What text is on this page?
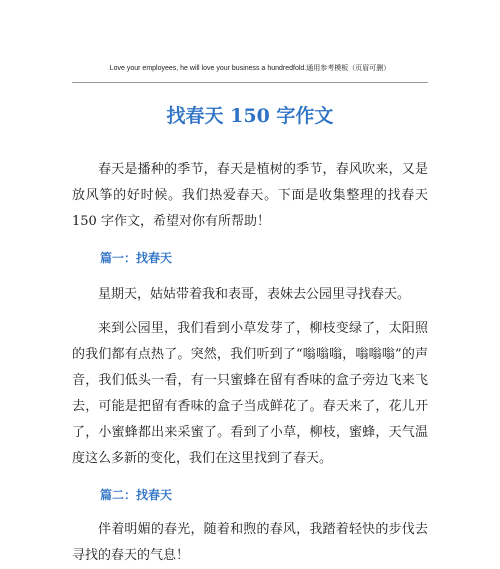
Love your employees, he will love your business a hundredfold.通用参考模板（页眉可删）
找春天 150 字作文

春天是播种的季节，春天是植树的季节，春风吹来，又是放风筝的好时候。我们热爱春天。下面是收集整理的找春天 150 字作文，希望对你有所帮助！

篇一：找春天

星期天，姑姑带着我和表哥，表妹去公园里寻找春天。

来到公园里，我们看到小草发芽了，柳枝变绿了，太阳照的我们都有点热了。突然，我们听到了“嗡嗡嗡，嗡嗡嗡”的声音，我们低头一看，有一只蜜蜂在留有香味的盒子旁边飞来飞去，可能是把留有香味的盒子当成鲜花了。春天来了，花儿开了，小蜜蜂都出来采蜜了。看到了小草，柳枝，蜜蜂，天气温度这么多新的变化，我们在这里找到了春天。

篇二：找春天

伴着明媚的春光，随着和煦的春风，我踏着轻快的步伐去寻找的春天的气息！
